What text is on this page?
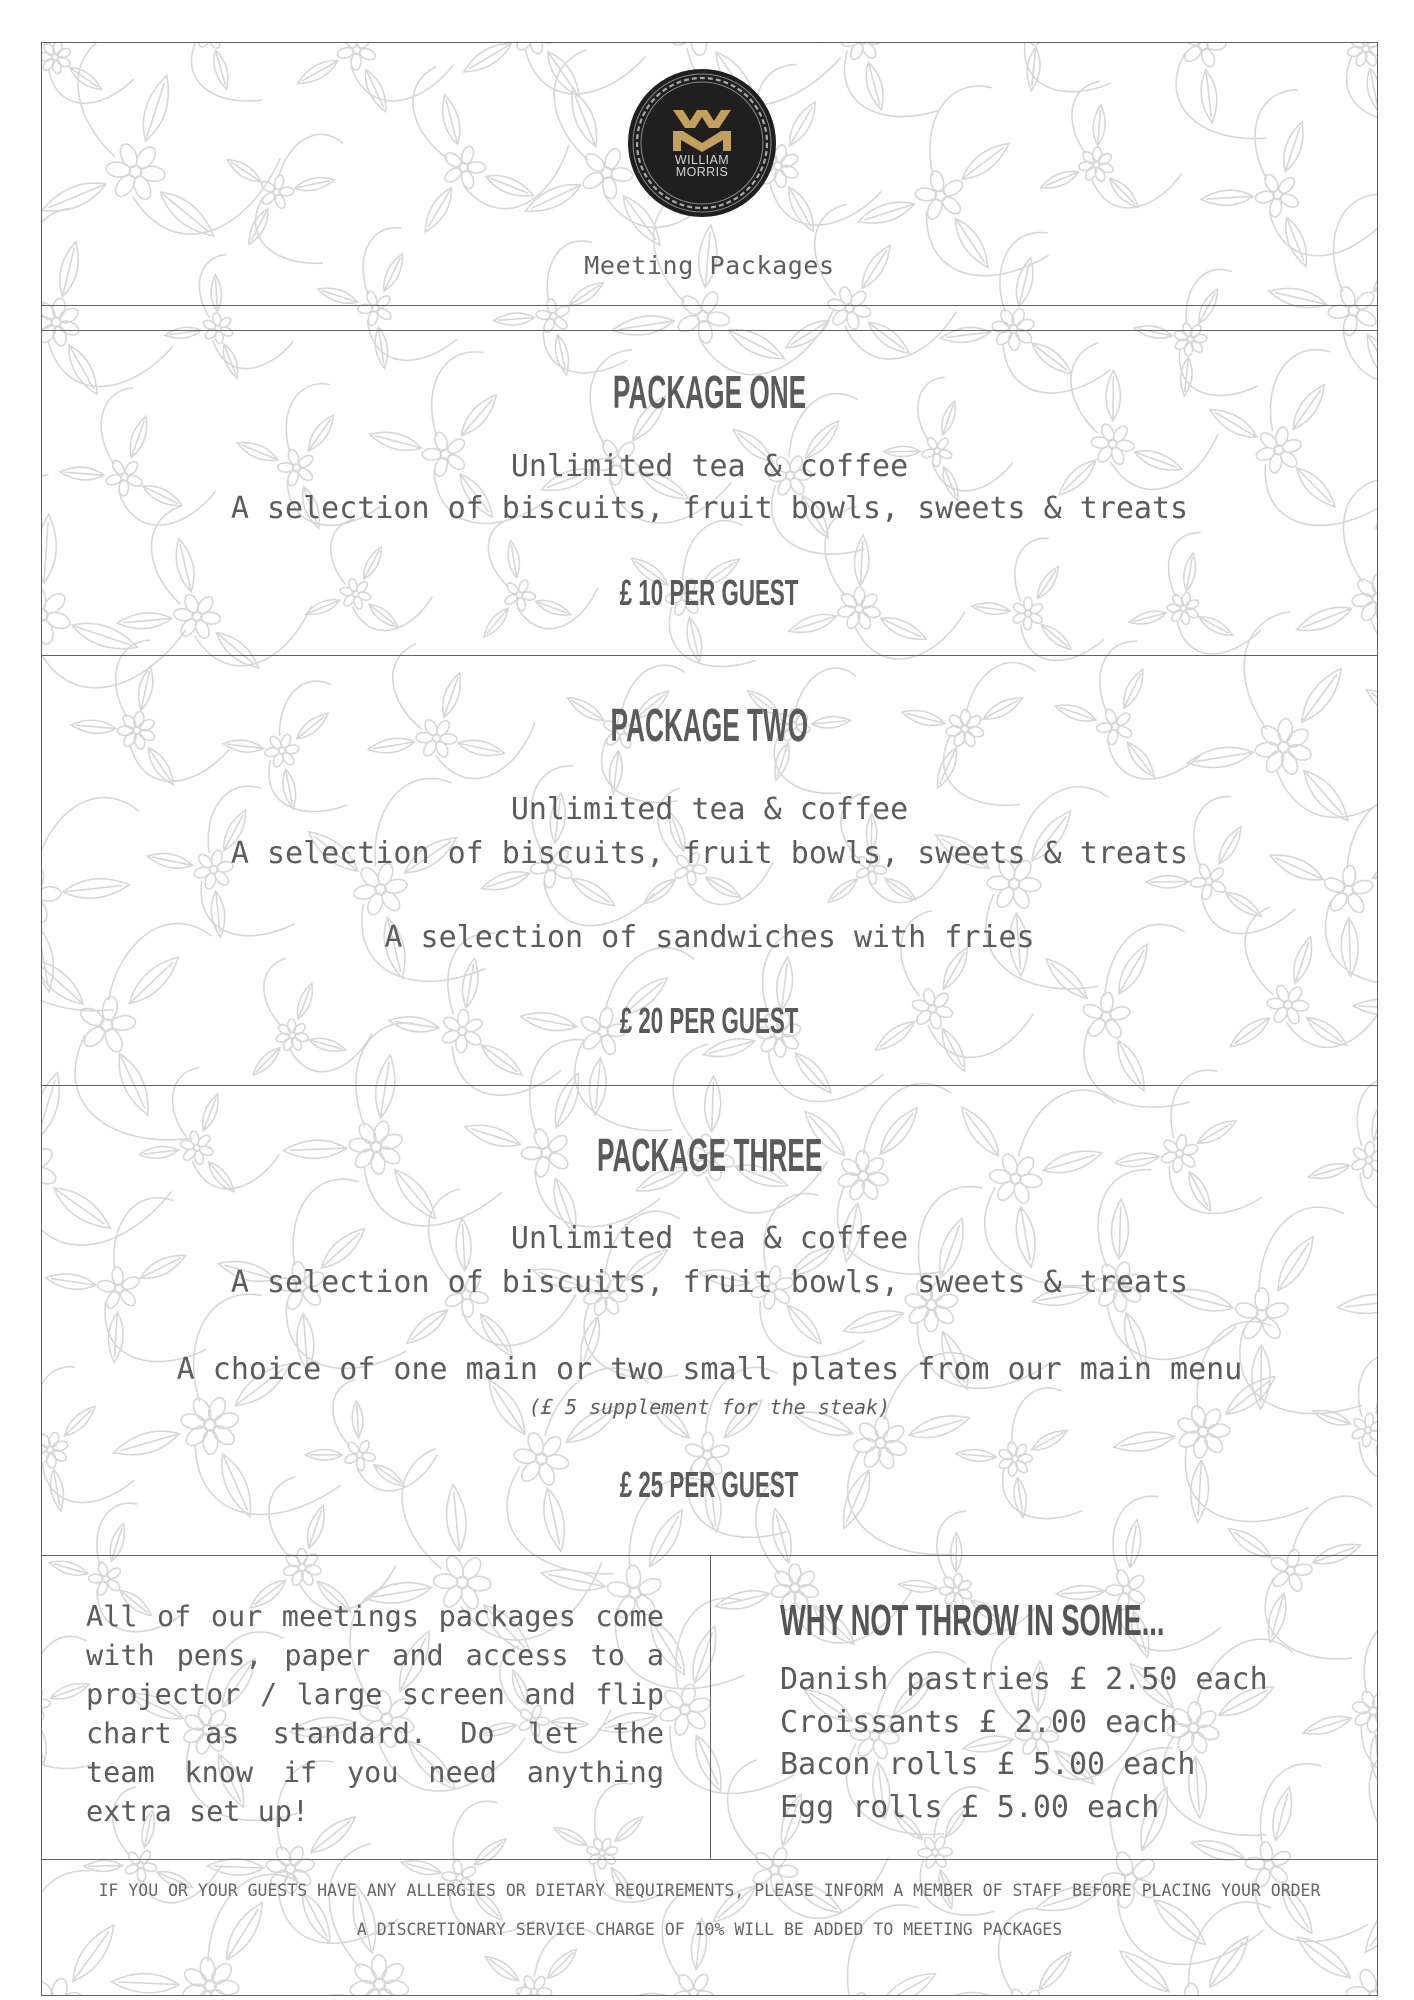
WILLIAM
MORRIS
Meeting Packages
PACKAGE ONE
Unlimited tea & coffee
A selection of biscuits, fruit bowls, sweets & treats
£ 10 PER GUEST
PACKAGE TWO
Unlimited tea & coffee
A selection of biscuits, fruit bowls, sweets & treats
A selection of sandwiches with fries
£ 20 PER GUEST
PACKAGE THREE
Unlimited tea & coffee
A selection of biscuits, fruit bowls, sweets & treats
A choice of one main or two small plates from our main menu
(£ 5 supplement for the steak)
£ 25 PER GUEST
All of our meetings packages come
with pens, paper and access to a
projector / large screen and flip
chart as standard. Do let the
team know if you need anything
extra set up!
WHY NOT THROW IN SOME...
Danish pastries £ 2.50 each
Croissants £ 2.00 each
Bacon rolls £ 5.00 each
Egg rolls £ 5.00 each
IF YOU OR YOUR GUESTS HAVE ANY ALLERGIES OR DIETARY REQUIREMENTS, PLEASE INFORM A MEMBER OF STAFF BEFORE PLACING YOUR ORDER
A DISCRETIONARY SERVICE CHARGE OF 10% WILL BE ADDED TO MEETING PACKAGES
